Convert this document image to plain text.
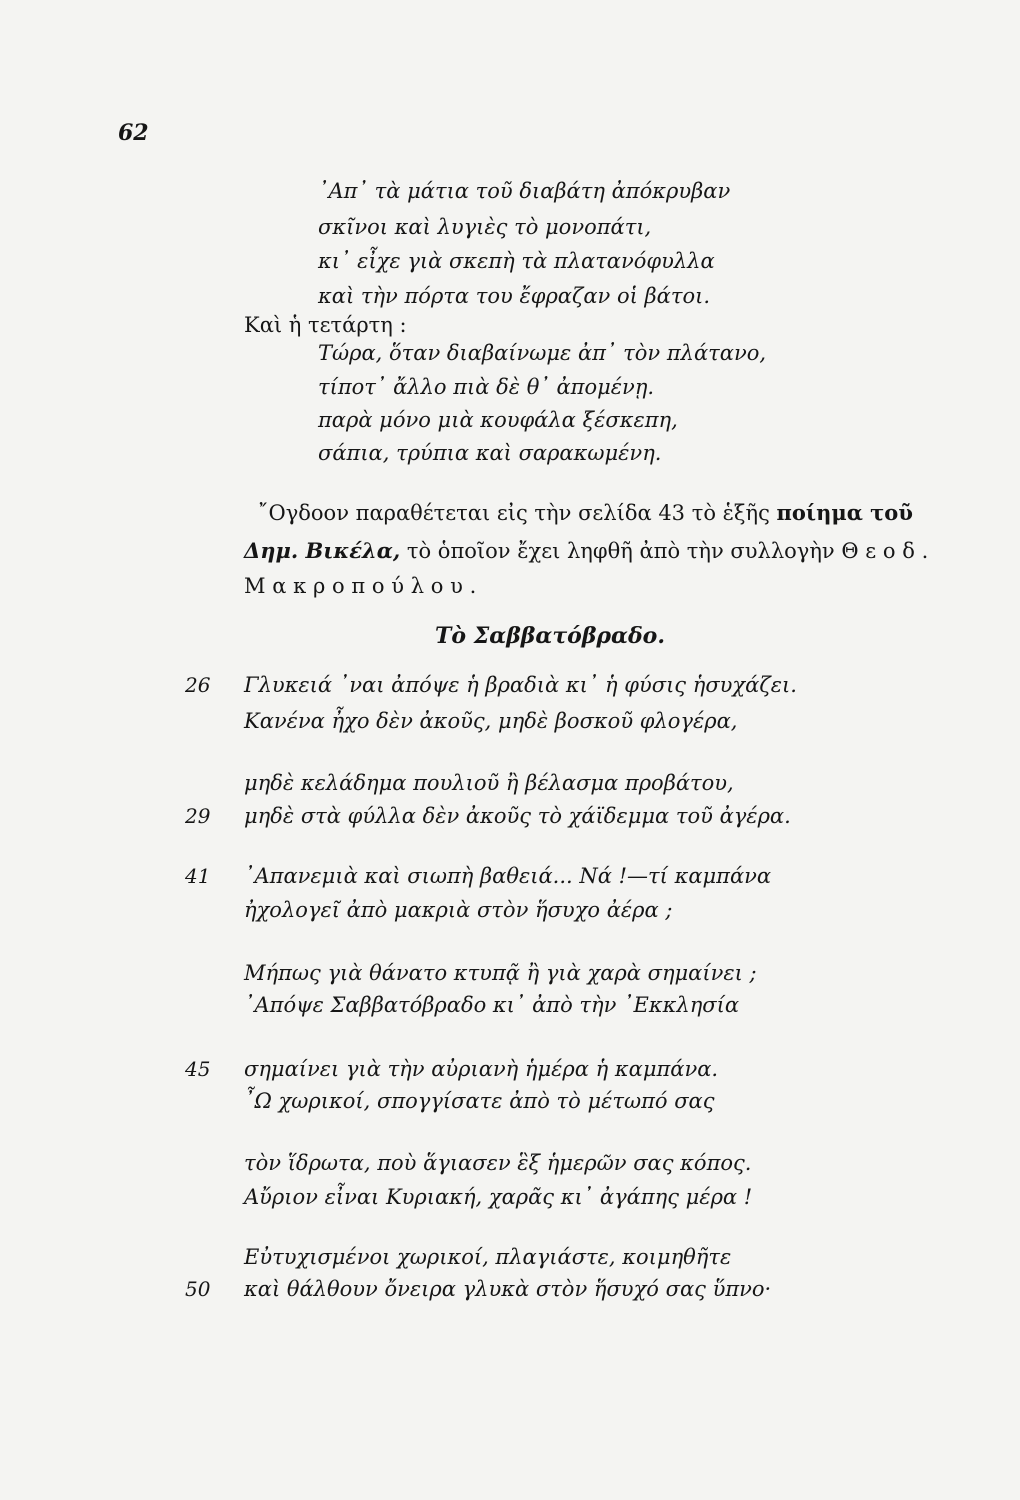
62
᾿Απ᾿ τὰ μάτια τοῦ διαβάτη ἀπόκρυβαν
σκῖνοι καὶ λυγιὲς τὸ μονοπάτι,
κι᾿ εἶχε γιὰ σκεπὴ τὰ πλατανόφυλλα
καὶ τὴν πόρτα του ἔφραζαν οἱ βάτοι.
Καὶ ἡ τετάρτη :
Τώρα, ὅταν διαβαίνωμε ἀπ᾿ τὸν πλάτανο,
τίποτ᾿ ἄλλο πιὰ δὲ θ᾿ ἀπομένῃ.
παρὰ μόνο μιὰ κουφάλα ξέσκεπη,
σάπια, τρύπια καὶ σαρακωμένη.
῎Ογδοον παραθέτεται εἰς τὴν σελίδα 43 τὸ ἑξῆς ποίημα τοῦ
Δημ. Βικέλα, τὸ ὁποῖον ἔχει ληφθῆ ἀπὸ τὴν συλλογὴν Θεοδ.
Μακροπούλου.
Τὸ Σαββατόβραδο.
26	Γλυκειά ᾿ναι ἀπόψε ἡ βραδιὰ κι᾿ ἡ φύσις ἡσυχάζει.
Κανένα ἦχο δὲν ἀκοῦς, μηδὲ βοσκοῦ φλογέρα,
μηδὲ κελάδημα πουλιοῦ ἢ βέλασμα προβάτου,
29	μηδὲ στὰ φύλλα δὲν ἀκοῦς τὸ χάϊδεμμα τοῦ ἀγέρα.
41	᾿Απανεμιὰ καὶ σιωπὴ βαθειά... Νά !—τί καμπάνα
ἠχολογεῖ ἀπὸ μακριὰ στὸν ἥσυχο ἀέρα ;
Μήπως γιὰ θάνατο κτυπᾷ ἢ γιὰ χαρὰ σημαίνει ;
᾿Απόψε Σαββατόβραδο κι᾿ ἀπὸ τὴν ᾿Εκκλησία
45	σημαίνει γιὰ τὴν αὐριανὴ ἡμέρα ἡ καμπάνα.
῏Ω χωρικοί, σπογγίσατε ἀπὸ τὸ μέτωπό σας
τὸν ἵδρωτα, ποὺ ἅγιασεν ἓξ ἡμερῶν σας κόπος.
Αὔριον εἶναι Κυριακή, χαρᾶς κι᾿ ἀγάπης μέρα !
Εὐτυχισμένοι χωρικοί, πλαγιάστε, κοιμηθῆτε
50	καὶ θάλθουν ὄνειρα γλυκὰ στὸν ἥσυχό σας ὕπνο·
